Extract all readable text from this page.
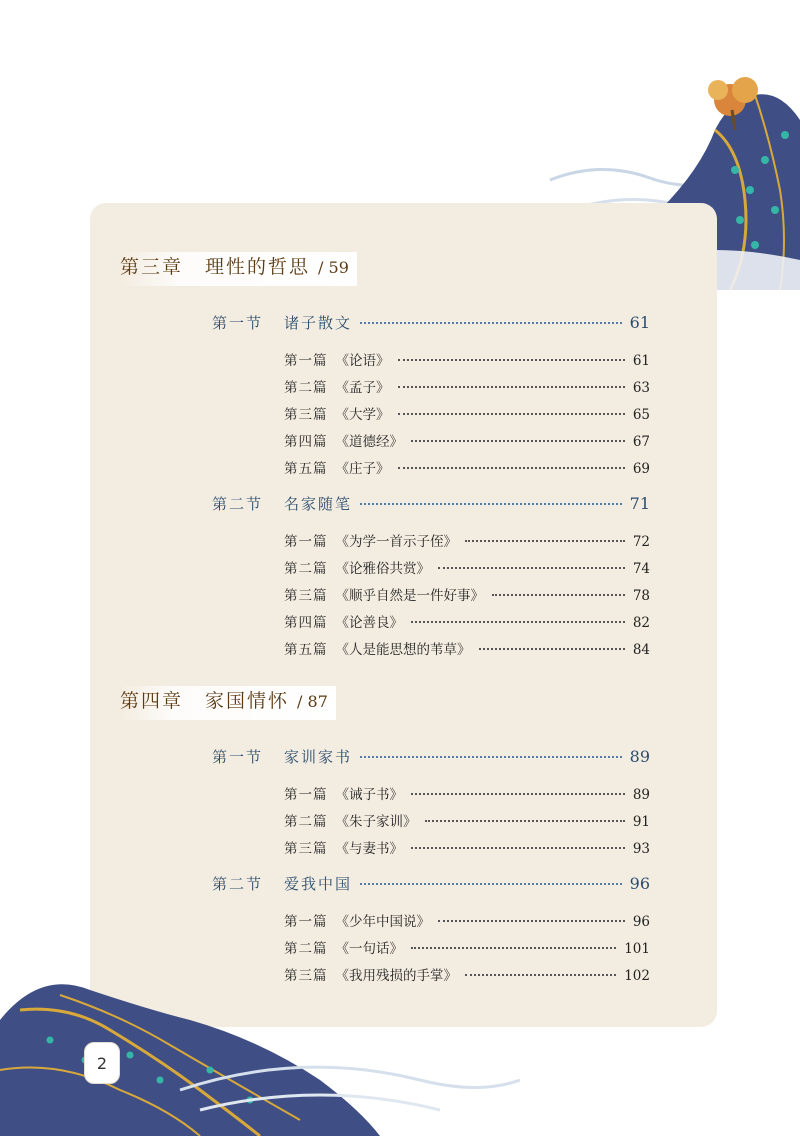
第三章 理性的哲思 / 59
第一节 诸子散文	61
第一篇 《论语》	61
第二篇 《孟子》	63
第三篇 《大学》	65
第四篇 《道德经》	67
第五篇 《庄子》	69
第二节 名家随笔	71
第一篇 《为学一首示子侄》	72
第二篇 《论雅俗共赏》	74
第三篇 《顺乎自然是一件好事》	78
第四篇 《论善良》	82
第五篇 《人是能思想的苇草》	84
第四章 家国情怀 / 87
第一节 家训家书	89
第一篇 《诫子书》	89
第二篇 《朱子家训》	91
第三篇 《与妻书》	93
第二节 爱我中国	96
第一篇 《少年中国说》	96
第二篇 《一句话》	101
第三篇 《我用残损的手掌》	102
2
